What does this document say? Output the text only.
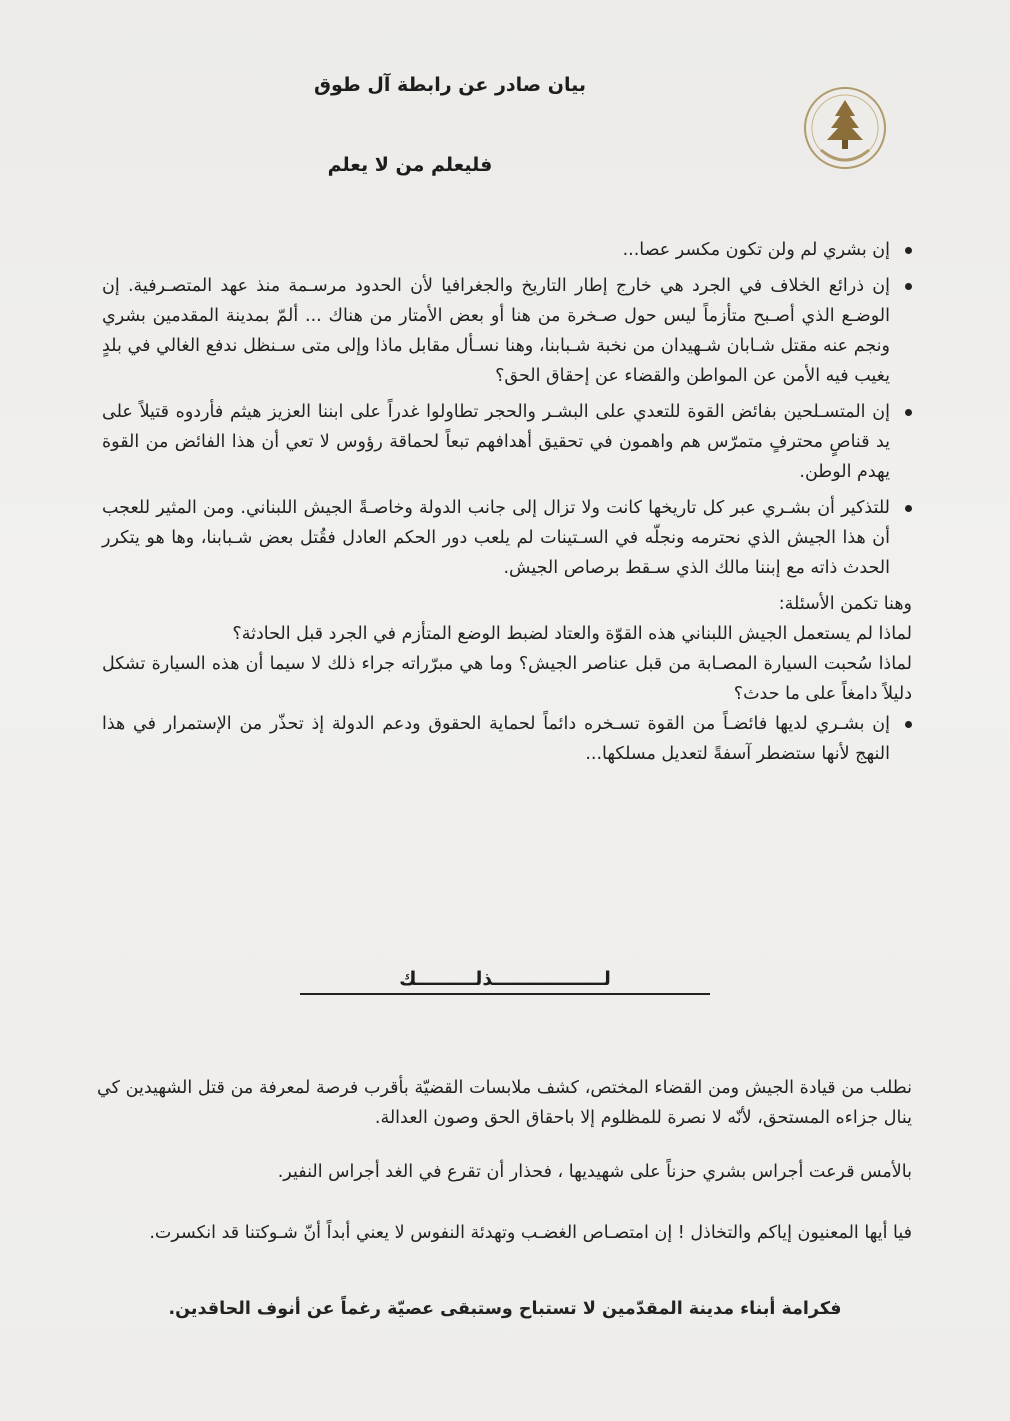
بيان صادر عن رابطة آل طوق
فليعلم من لا يعلم
إن بشري لم ولن تكون مكسر عصا...
إن ذرائع الخلاف في الجرد هي خارج إطار التاريخ والجغرافيا لأن الحدود مرسـمة منذ عهد المتصـرفية. إن الوضـع الذي أصـبح متأزماً ليس حول صـخرة من هنا أو بعض الأمتار من هناك ... ألمّ بمدينة المقدمين بشري ونجم عنه مقتل شـابان شـهيدان من نخبة شـبابنا، وهنا نسـأل مقابل ماذا وإلى متى سـنظل ندفع الغالي في بلدٍ يغيب فيه الأمن عن المواطن والقضاء عن إحقاق الحق؟
إن المتسـلحين بفائض القوة للتعدي على البشـر والحجر تطاولوا غدراً على ابننا العزيز هيثم فأردوه قتيلاً على يد قناصٍ محترفٍ متمرّس هم واهمون في تحقيق أهدافهم تبعاً لحماقة رؤوس لا تعي أن هذا الفائض من القوة يهدم الوطن.
للتذكير أن بشـري عبر كل تاريخها كانت ولا تزال إلى جانب الدولة وخاصـةً الجيش اللبناني. ومن المثير للعجب أن هذا الجيش الذي نحترمه ونجلّه في السـتينات لم يلعب دور الحكم العادل فقُتل بعض شـبابنا، وها هو يتكرر الحدث ذاته مع إبننا مالك الذي سـقط برصاص الجيش.

وهنا تكمن الأسئلة:

لماذا لم يستعمل الجيش اللبناني هذه القوّة والعتاد لضبط الوضع المتأزم في الجرد قبل الحادثة؟

لماذا سُحبت السيارة المصـابة من قبل عناصر الجيش؟ وما هي مبرّراته جراء ذلك لا سيما أن هذه السيارة تشكل دليلاً دامغاً على ما حدث؟

إن بشـري لديها فائضـاً من القوة تسـخره دائماً لحماية الحقوق ودعم الدولة إذ تحذّر من الإستمرار في هذا النهج لأنها ستضطر آسفةً لتعديل مسلكها...
لـــــــــــــــــذلـــــــــك
نطلب من قيادة الجيش ومن القضاء المختص، كشف ملابسات القضيّة بأقرب فرصة لمعرفة من قتل الشهيدين كي ينال جزاءه المستحق، لأنّه لا نصرة للمظلوم إلا باحقاق الحق وصون العدالة.
بالأمس قرعت أجراس بشري حزناً على شهيديها ، فحذار أن تقرع في الغد أجراس النفير.
فيا أيها المعنيون إياكم والتخاذل ! إن امتصـاص الغضـب وتهدئة النفوس لا يعني أبداً أنّ شـوكتنا قد انكسرت.
فكرامة أبناء مدينة المقدّمين لا تستباح وستبقى عصيّة رغماً عن أنوف الحاقدين.
